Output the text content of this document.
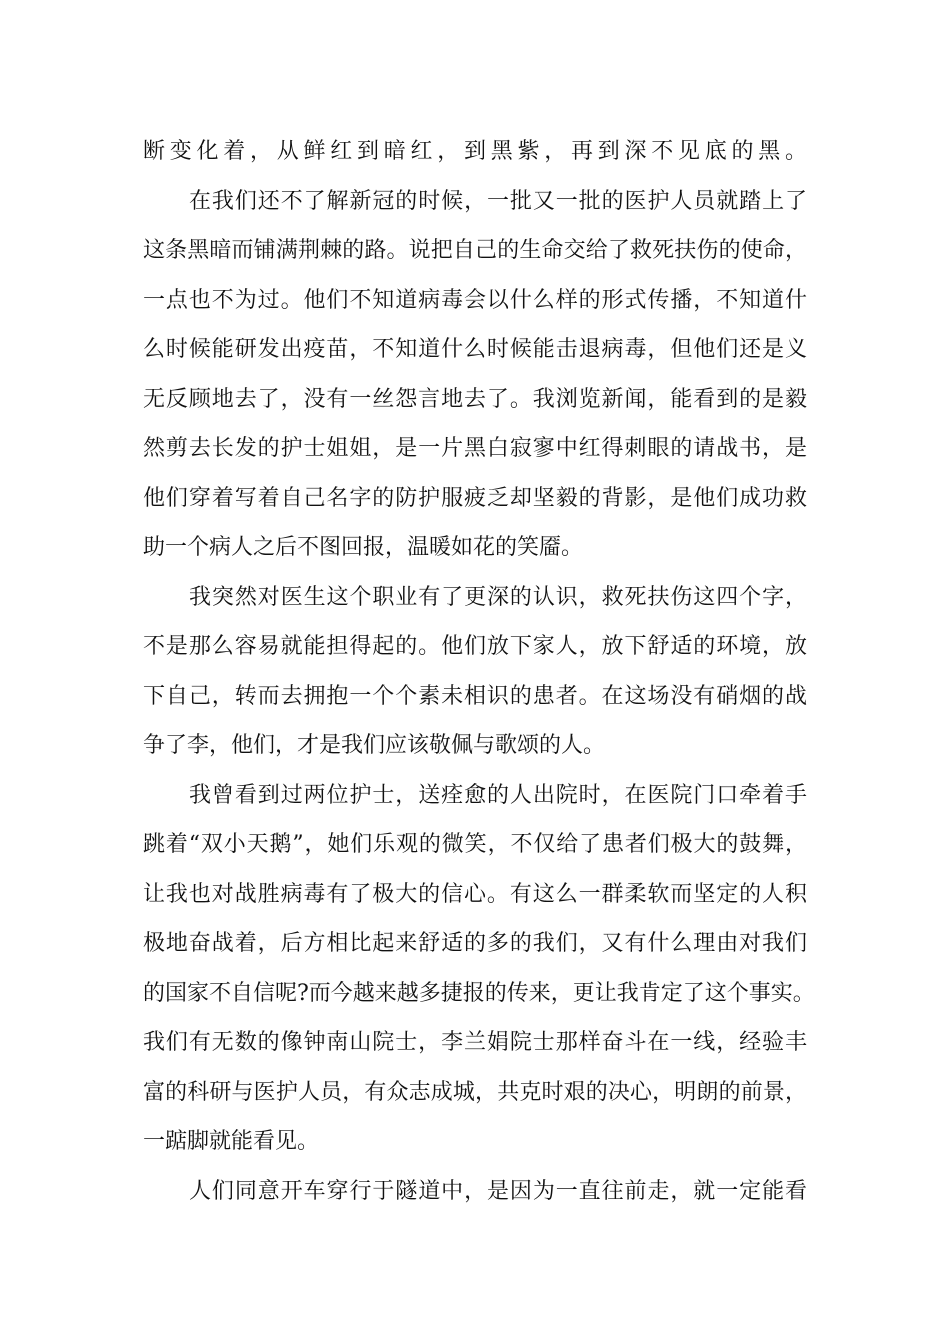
断变化着，从鲜红到暗红，到黑紫，再到深不见底的黑。
在我们还不了解新冠的时候，一批又一批的医护人员就踏上了
这条黑暗而铺满荆棘的路。说把自己的生命交给了救死扶伤的使命，
一点也不为过。他们不知道病毒会以什么样的形式传播，不知道什
么时候能研发出疫苗，不知道什么时候能击退病毒，但他们还是义
无反顾地去了，没有一丝怨言地去了。我浏览新闻，能看到的是毅
然剪去长发的护士姐姐，是一片黑白寂寥中红得刺眼的请战书，是
他们穿着写着自己名字的防护服疲乏却坚毅的背影，是他们成功救
助一个病人之后不图回报，温暖如花的笑靥。
我突然对医生这个职业有了更深的认识，救死扶伤这四个字，
不是那么容易就能担得起的。他们放下家人，放下舒适的环境，放
下自己，转而去拥抱一个个素未相识的患者。在这场没有硝烟的战
争了李，他们，才是我们应该敬佩与歌颂的人。
我曾看到过两位护士，送痊愈的人出院时，在医院门口牵着手
跳着“双小天鹅”，她们乐观的微笑，不仅给了患者们极大的鼓舞，
让我也对战胜病毒有了极大的信心。有这么一群柔软而坚定的人积
极地奋战着，后方相比起来舒适的多的我们，又有什么理由对我们
的国家不自信呢?而今越来越多捷报的传来，更让我肯定了这个事实。
我们有无数的像钟南山院士，李兰娟院士那样奋斗在一线，经验丰
富的科研与医护人员，有众志成城，共克时艰的决心，明朗的前景，
一踮脚就能看见。
人们同意开车穿行于隧道中，是因为一直往前走，就一定能看
